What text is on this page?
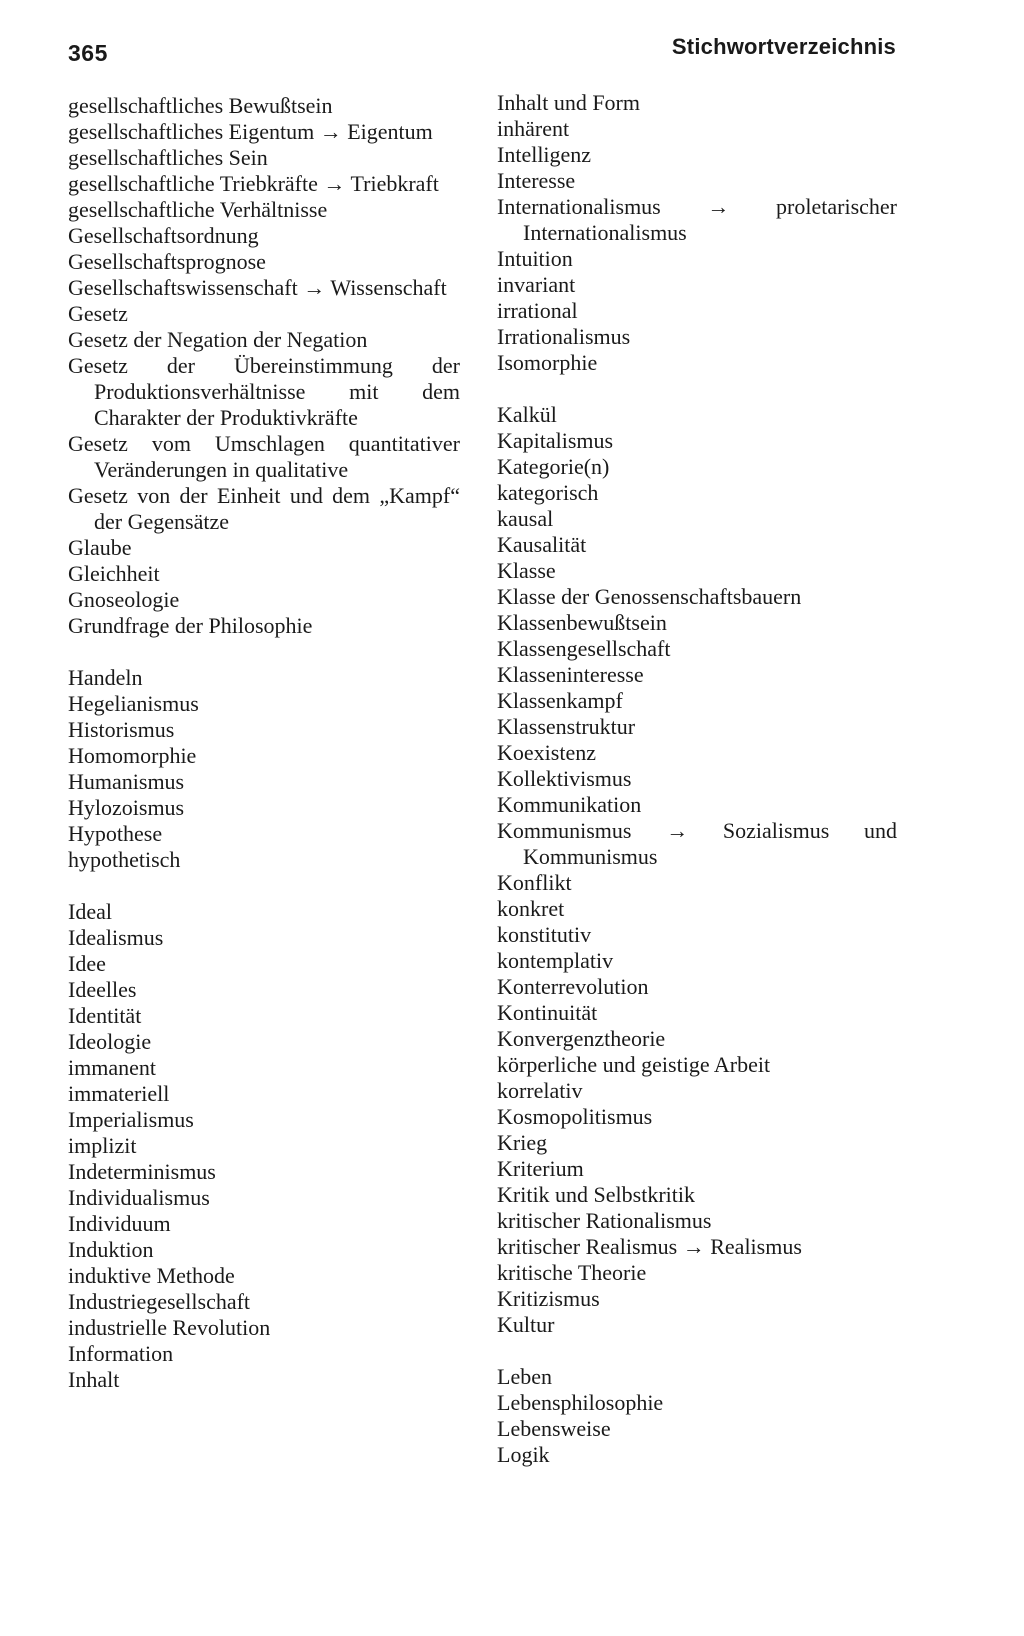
365	Stichwortverzeichnis
gesellschaftliches Bewußtsein
gesellschaftliches Eigentum → Eigentum
gesellschaftliches Sein
gesellschaftliche Triebkräfte → Triebkraft
gesellschaftliche Verhältnisse
Gesellschaftsordnung
Gesellschaftsprognose
Gesellschaftswissenschaft → Wissenschaft
Gesetz
Gesetz der Negation der Negation
Gesetz der Übereinstimmung der Produktionsverhältnisse mit dem Charakter der Produktivkräfte
Gesetz vom Umschlagen quantitativer Veränderungen in qualitative
Gesetz von der Einheit und dem „Kampf“ der Gegensätze
Glaube
Gleichheit
Gnoseologie
Grundfrage der Philosophie
Handeln
Hegelianismus
Historismus
Homomorphie
Humanismus
Hylozoismus
Hypothese
hypothetisch
Ideal
Idealismus
Idee
Ideelles
Identität
Ideologie
immanent
immateriell
Imperialismus
implizit
Indeterminismus
Individualismus
Individuum
Induktion
induktive Methode
Industriegesellschaft
industrielle Revolution
Information
Inhalt
Inhalt und Form
inhärent
Intelligenz
Interesse
Internationalismus → proletarischer Internationalismus
Intuition
invariant
irrational
Irrationalismus
Isomorphie
Kalkül
Kapitalismus
Kategorie(n)
kategorisch
kausal
Kausalität
Klasse
Klasse der Genossenschaftsbauern
Klassenbewußtsein
Klassengesellschaft
Klasseninteresse
Klassenkampf
Klassenstruktur
Koexistenz
Kollektivismus
Kommunikation
Kommunismus → Sozialismus und Kommunismus
Konflikt
konkret
konstitutiv
kontemplativ
Konterrevolution
Kontinuität
Konvergenztheorie
körperliche und geistige Arbeit
korrelativ
Kosmopolitismus
Krieg
Kriterium
Kritik und Selbstkritik
kritischer Rationalismus
kritischer Realismus → Realismus
kritische Theorie
Kritizismus
Kultur
Leben
Lebensphilosophie
Lebensweise
Logik
